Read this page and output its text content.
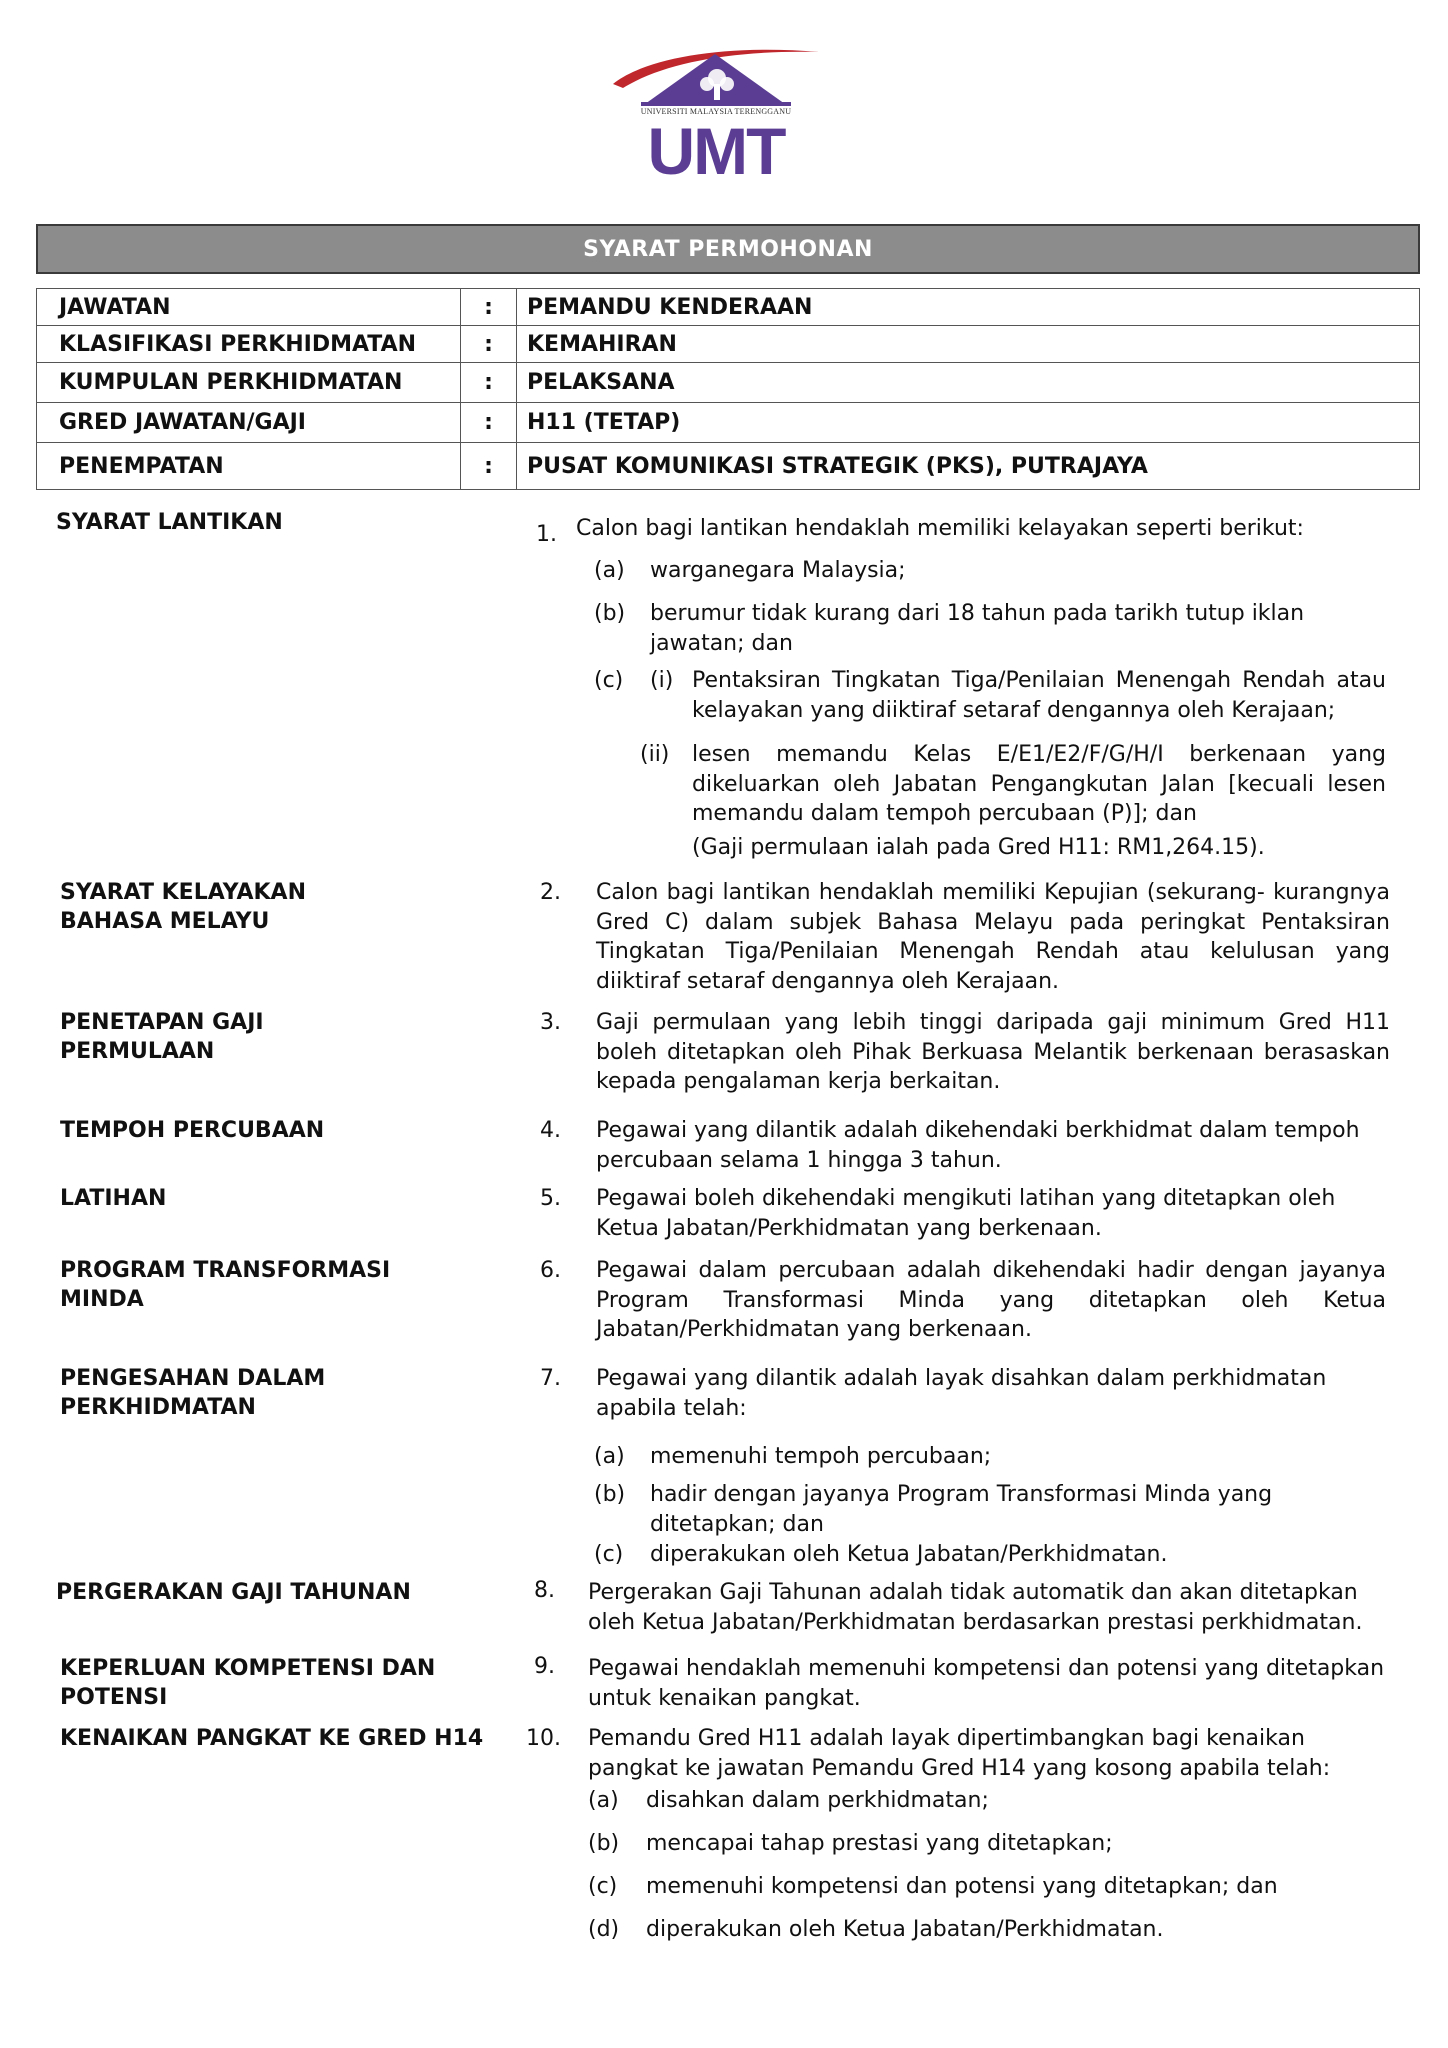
UNIVERSITI MALAYSIA TERENGGANU
UMT
SYARAT PERMOHONAN
JAWATAN	:	PEMANDU KENDERAAN
KLASIFIKASI PERKHIDMATAN	:	KEMAHIRAN
KUMPULAN PERKHIDMATAN	:	PELAKSANA
GRED JAWATAN/GAJI	:	H11 (TETAP)
PENEMPATAN	:	PUSAT KOMUNIKASI STRATEGIK (PKS), PUTRAJAYA

SYARAT LANTIKAN	1. Calon bagi lantikan hendaklah memiliki kelayakan seperti berikut:

(a) warganegara Malaysia;

(b) berumur tidak kurang dari 18 tahun pada tarikh tutup iklan jawatan; dan

(c) (i) Pentaksiran Tingkatan Tiga/Penilaian Menengah Rendah atau kelayakan yang diiktiraf setaraf dengannya oleh Kerajaan;

(ii) lesen memandu Kelas E/E1/E2/F/G/H/I berkenaan yang dikeluarkan oleh Jabatan Pengangkutan Jalan [kecuali lesen memandu dalam tempoh percubaan (P)]; dan

(Gaji permulaan ialah pada Gred H11: RM1,264.15).

SYARAT KELAYAKAN

BAHASA MELAYU

2. Calon bagi lantikan hendaklah memiliki Kepujian (sekurang- kurangnya Gred C) dalam subjek Bahasa Melayu pada peringkat Pentaksiran Tingkatan Tiga/Penilaian Menengah Rendah atau kelulusan yang diiktiraf setaraf dengannya oleh Kerajaan.

PENETAPAN GAJI

PERMULAAN

3. Gaji permulaan yang lebih tinggi daripada gaji minimum Gred H11 boleh ditetapkan oleh Pihak Berkuasa Melantik berkenaan berasaskan kepada pengalaman kerja berkaitan.

TEMPOH PERCUBAAN	4. Pegawai yang dilantik adalah dikehendaki berkhidmat dalam tempoh percubaan selama 1 hingga 3 tahun.

LATIHAN	5. Pegawai boleh dikehendaki mengikuti latihan yang ditetapkan oleh Ketua Jabatan/Perkhidmatan yang berkenaan.

PROGRAM TRANSFORMASI

MINDA

6. Pegawai dalam percubaan adalah dikehendaki hadir dengan jayanya Program Transformasi Minda yang ditetapkan oleh Ketua Jabatan/Perkhidmatan yang berkenaan.

PENGESAHAN DALAM

PERKHIDMATAN

7. Pegawai yang dilantik adalah layak disahkan dalam perkhidmatan apabila telah:

(a) memenuhi tempoh percubaan;

(b) hadir dengan jayanya Program Transformasi Minda yang ditetapkan; dan

(c) diperakukan oleh Ketua Jabatan/Perkhidmatan.

PERGERAKAN GAJI TAHUNAN	8. Pergerakan Gaji Tahunan adalah tidak automatik dan akan ditetapkan oleh Ketua Jabatan/Perkhidmatan berdasarkan prestasi perkhidmatan.

KEPERLUAN KOMPETENSI DAN

POTENSI

9. Pegawai hendaklah memenuhi kompetensi dan potensi yang ditetapkan untuk kenaikan pangkat.

KENAIKAN PANGKAT KE GRED H14	10. Pemandu Gred H11 adalah layak dipertimbangkan bagi kenaikan pangkat ke jawatan Pemandu Gred H14 yang kosong apabila telah:

(a) disahkan dalam perkhidmatan;

(b) mencapai tahap prestasi yang ditetapkan;

(c) memenuhi kompetensi dan potensi yang ditetapkan; dan

(d) diperakukan oleh Ketua Jabatan/Perkhidmatan.
